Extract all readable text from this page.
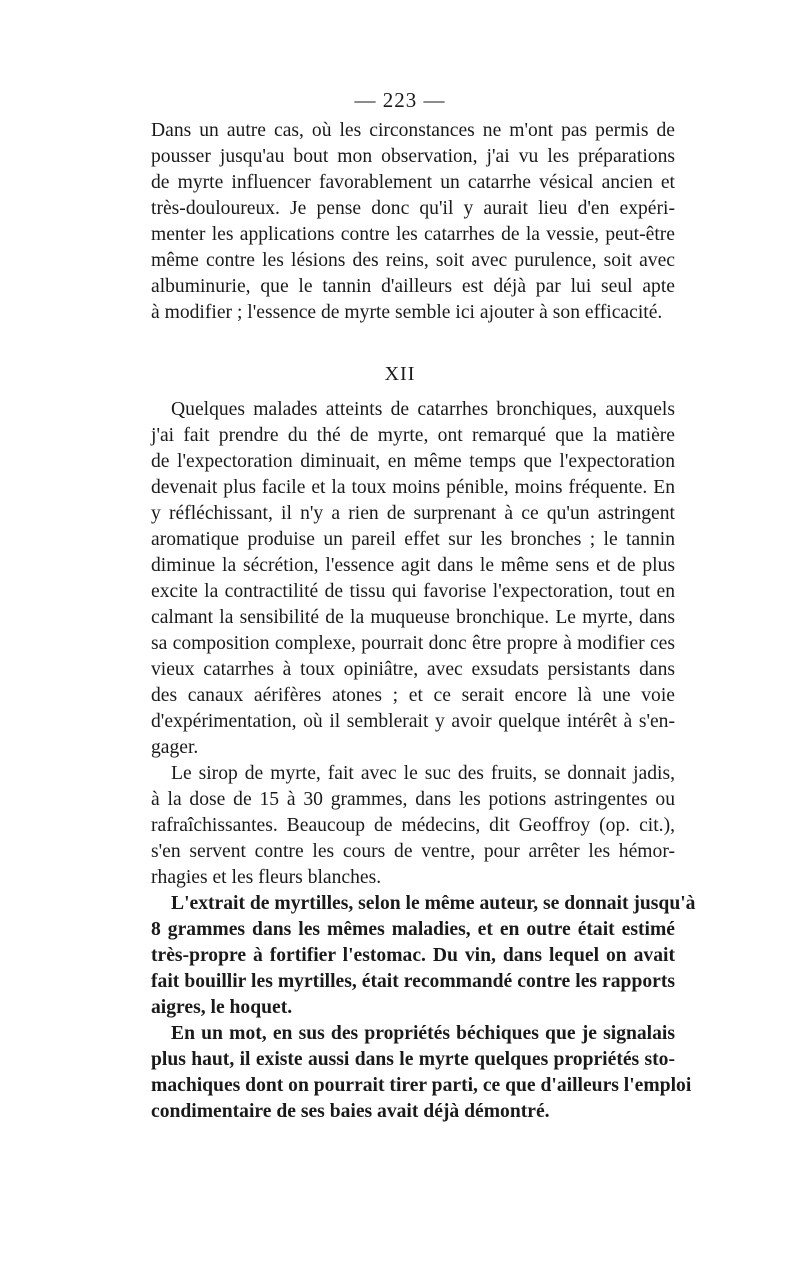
— 223 —

Dans un autre cas, où les circonstances ne m'ont pas permis de
pousser jusqu'au bout mon observation, j'ai vu les préparations
de myrte influencer favorablement un catarrhe vésical ancien et
très-douloureux. Je pense donc qu'il y aurait lieu d'en expéri-
menter les applications contre les catarrhes de la vessie, peut-être
même contre les lésions des reins, soit avec purulence, soit avec
albuminurie, que le tannin d'ailleurs est déjà par lui seul apte
à modifier ; l'essence de myrte semble ici ajouter à son efficacité.

XII

Quelques malades atteints de catarrhes bronchiques, auxquels
j'ai fait prendre du thé de myrte, ont remarqué que la matière
de l'expectoration diminuait, en même temps que l'expectoration
devenait plus facile et la toux moins pénible, moins fréquente. En
y réfléchissant, il n'y a rien de surprenant à ce qu'un astringent
aromatique produise un pareil effet sur les bronches ; le tannin
diminue la sécrétion, l'essence agit dans le même sens et de plus
excite la contractilité de tissu qui favorise l'expectoration, tout en
calmant la sensibilité de la muqueuse bronchique. Le myrte, dans
sa composition complexe, pourrait donc être propre à modifier ces
vieux catarrhes à toux opiniâtre, avec exsudats persistants dans
des canaux aérifères atones ; et ce serait encore là une voie
d'expérimentation, où il semblerait y avoir quelque intérêt à s'en-
gager.

Le sirop de myrte, fait avec le suc des fruits, se donnait jadis,
à la dose de 15 à 30 grammes, dans les potions astringentes ou
rafraîchissantes. Beaucoup de médecins, dit Geoffroy (op. cit.),
s'en servent contre les cours de ventre, pour arrêter les hémor-
rhagies et les fleurs blanches.

L'extrait de myrtilles, selon le même auteur, se donnait jusqu'à
8 grammes dans les mêmes maladies, et en outre était estimé
très-propre à fortifier l'estomac. Du vin, dans lequel on avait
fait bouillir les myrtilles, était recommandé contre les rapports
aigres, le hoquet.

En un mot, en sus des propriétés béchiques que je signalais
plus haut, il existe aussi dans le myrte quelques propriétés sto-
machiques dont on pourrait tirer parti, ce que d'ailleurs l'emploi
condimentaire de ses baies avait déjà démontré.
